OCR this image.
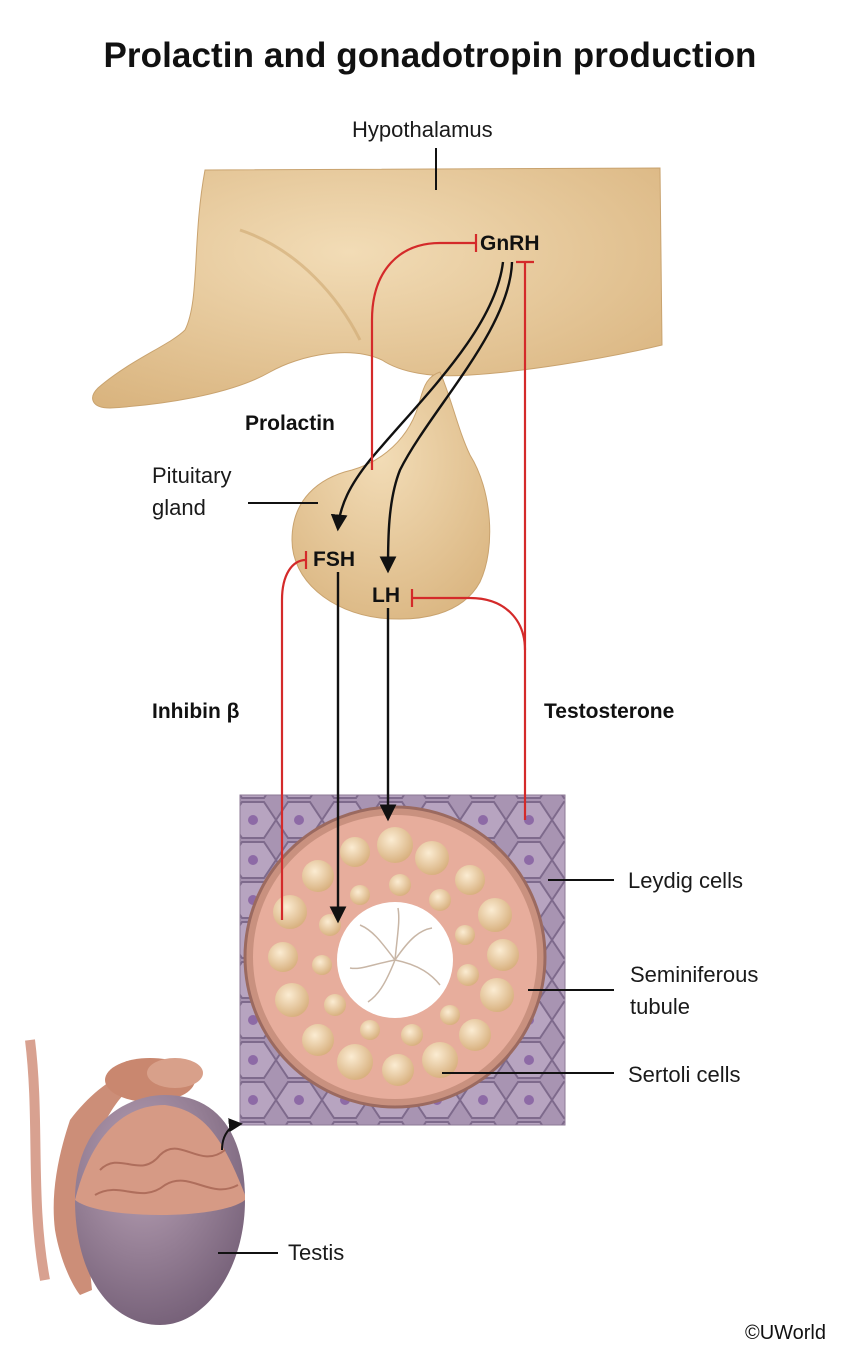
Prolactin and gonadotropin production
Hypothalamus
Pituitary
gland
GnRH
FSH
LH
Prolactin
Inhibin β	Testosterone
Leydig cells
Seminiferous
tubule
Sertoli cells
Testis
©UWorld
